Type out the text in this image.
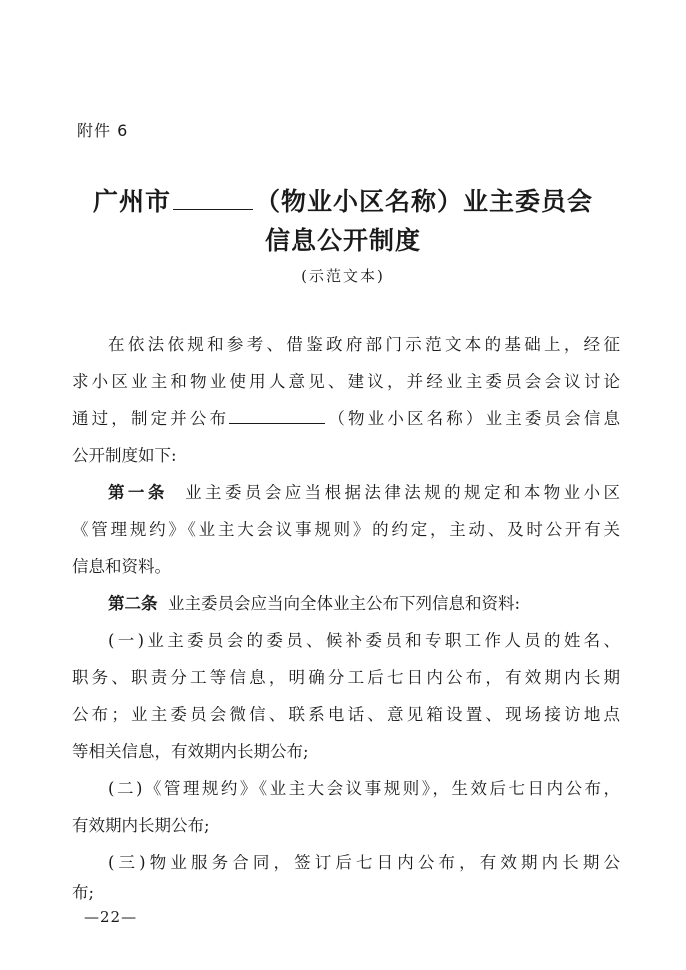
附件 6
广州市	（物业小区名称）业主委员会
信息公开制度
(示范文本)
在依法依规和参考、借鉴政府部门示范文本的基础上，经征
求小区业主和物业使用人意见、建议，并经业主委员会会议讨论
通过，制定并公布	（物业小区名称）业主委员会信息
公开制度如下:
第一条 业主委员会应当根据法律法规的规定和本物业小区
《管理规约》《业主大会议事规则》的约定，主动、及时公开有关
信息和资料。
第二条 业主委员会应当向全体业主公布下列信息和资料:
(一)业主委员会的委员、候补委员和专职工作人员的姓名、
职务、职责分工等信息，明确分工后七日内公布，有效期内长期
公布；业主委员会微信、联系电话、意见箱设置、现场接访地点
等相关信息，有效期内长期公布;
(二)《管理规约》《业主大会议事规则》，生效后七日内公布，
有效期内长期公布;
(三)物业服务合同，签订后七日内公布，有效期内长期公
布;
—22—
